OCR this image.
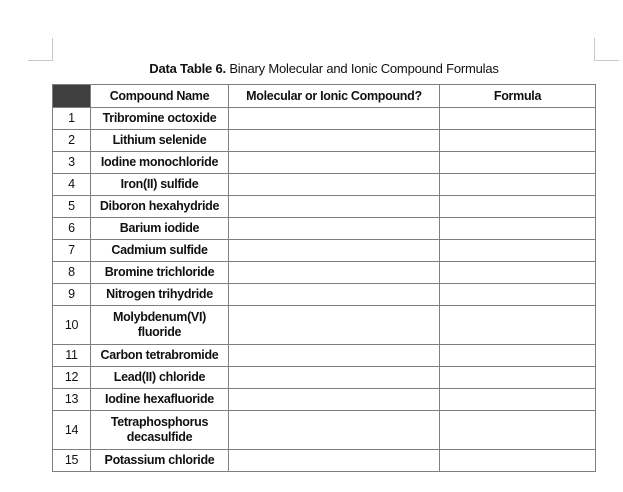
Data Table 6. Binary Molecular and Ionic Compound Formulas
	Compound Name	Molecular or Ionic Compound?	Formula
1	Tribromine octoxide		
2	Lithium selenide		
3	Iodine monochloride		
4	Iron(II) sulfide		
5	Diboron hexahydride		
6	Barium iodide		
7	Cadmium sulfide		
8	Bromine trichloride		
9	Nitrogen trihydride		
10	Molybdenum(VI) fluoride		
11	Carbon tetrabromide		
12	Lead(II) chloride		
13	Iodine hexafluoride		
14	Tetraphosphorus decasulfide		
15	Potassium chloride		
